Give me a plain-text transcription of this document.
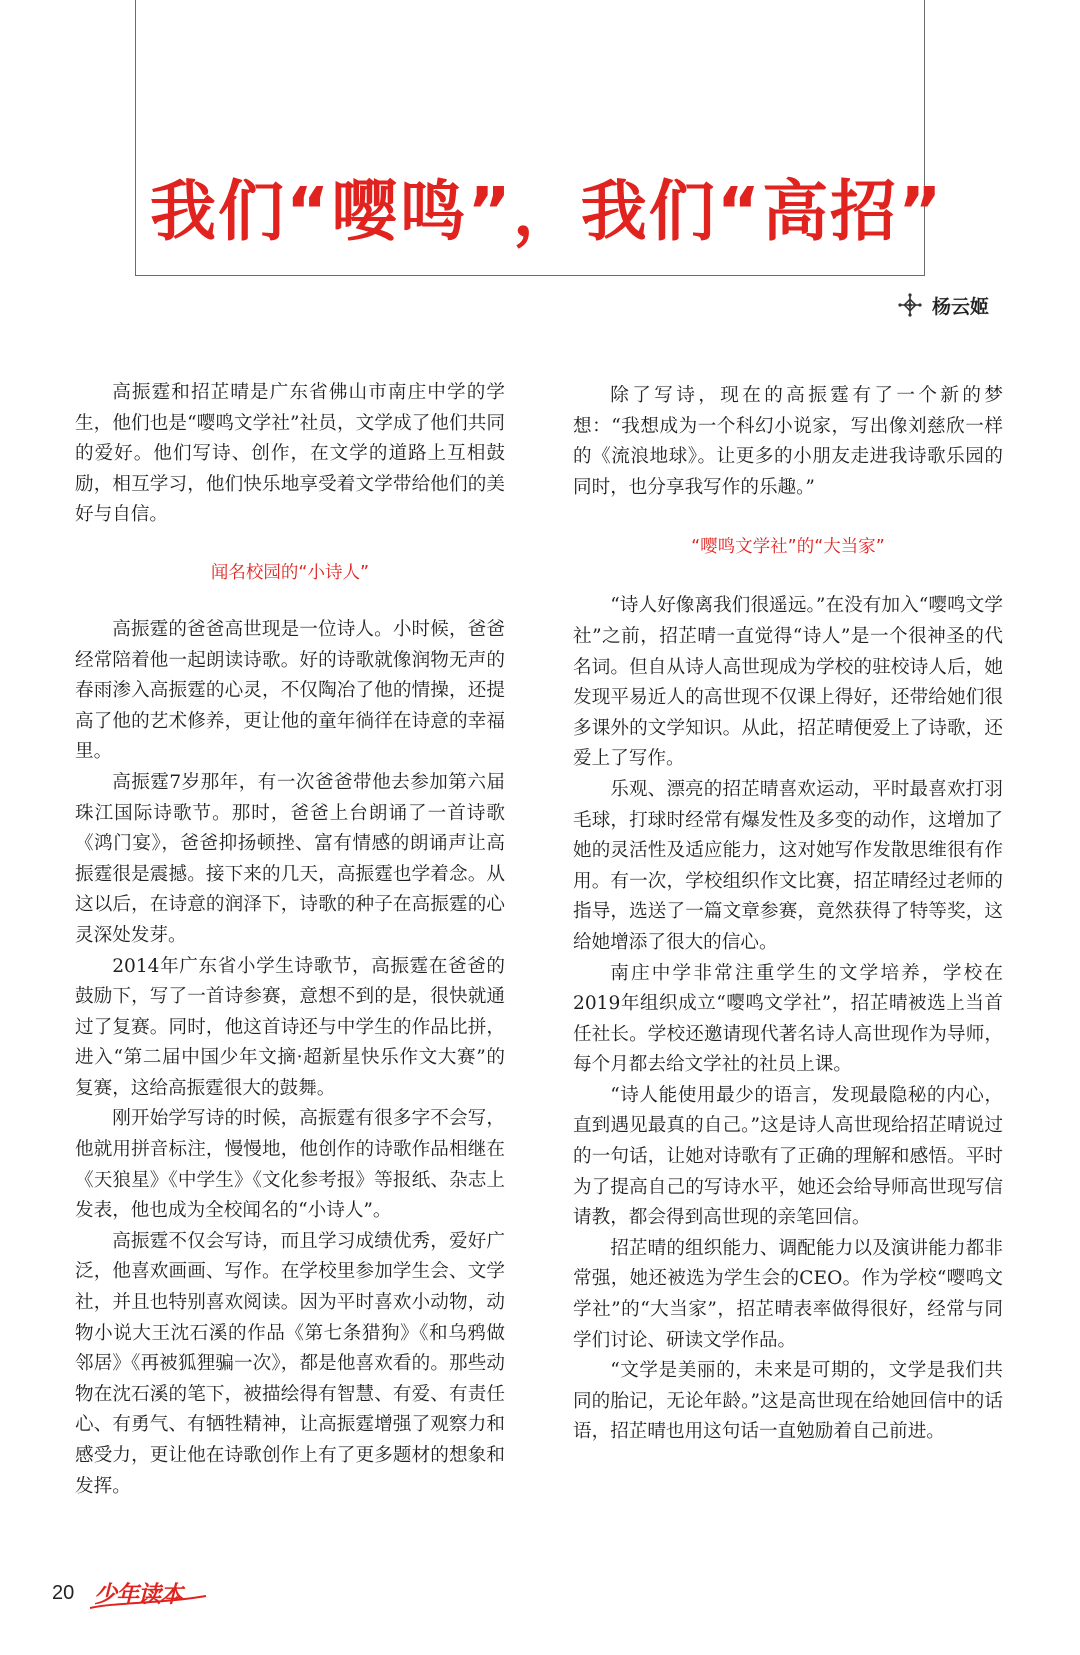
我们“嘤鸣”，我们“高招”
杨云姬

高振霆和招芷晴是广东省佛山市南庄中学的学生，他们也是“嘤鸣文学社”社员，文学成了他们共同的爱好。他们写诗、创作，在文学的道路上互相鼓励，相互学习，他们快乐地享受着文学带给他们的美好与自信。

闻名校园的“小诗人”

高振霆的爸爸高世现是一位诗人。小时候，爸爸经常陪着他一起朗读诗歌。好的诗歌就像润物无声的春雨渗入高振霆的心灵，不仅陶冶了他的情操，还提高了他的艺术修养，更让他的童年徜徉在诗意的幸福里。

高振霆7岁那年，有一次爸爸带他去参加第六届珠江国际诗歌节。那时，爸爸上台朗诵了一首诗歌《鸿门宴》，爸爸抑扬顿挫、富有情感的朗诵声让高振霆很是震撼。接下来的几天，高振霆也学着念。从这以后，在诗意的润泽下，诗歌的种子在高振霆的心灵深处发芽。

2014年广东省小学生诗歌节，高振霆在爸爸的鼓励下，写了一首诗参赛，意想不到的是，很快就通过了复赛。同时，他这首诗还与中学生的作品比拼，进入“第二届中国少年文摘·超新星快乐作文大赛”的复赛，这给高振霆很大的鼓舞。

刚开始学写诗的时候，高振霆有很多字不会写，他就用拼音标注，慢慢地，他创作的诗歌作品相继在《天狼星》《中学生》《文化参考报》等报纸、杂志上发表，他也成为全校闻名的“小诗人”。

高振霆不仅会写诗，而且学习成绩优秀，爱好广泛，他喜欢画画、写作。在学校里参加学生会、文学社，并且也特别喜欢阅读。因为平时喜欢小动物，动物小说大王沈石溪的作品《第七条猎狗》《和乌鸦做邻居》《再被狐狸骗一次》，都是他喜欢看的。那些动物在沈石溪的笔下，被描绘得有智慧、有爱、有责任心、有勇气、有牺牲精神，让高振霆增强了观察力和感受力，更让他在诗歌创作上有了更多题材的想象和发挥。

除了写诗，现在的高振霆有了一个新的梦想：“我想成为一个科幻小说家，写出像刘慈欣一样的《流浪地球》。让更多的小朋友走进我诗歌乐园的同时，也分享我写作的乐趣。”

“嘤鸣文学社”的“大当家”

“诗人好像离我们很遥远。”在没有加入“嘤鸣文学社”之前，招芷晴一直觉得“诗人”是一个很神圣的代名词。但自从诗人高世现成为学校的驻校诗人后，她发现平易近人的高世现不仅课上得好，还带给她们很多课外的文学知识。从此，招芷晴便爱上了诗歌，还爱上了写作。

乐观、漂亮的招芷晴喜欢运动，平时最喜欢打羽毛球，打球时经常有爆发性及多变的动作，这增加了她的灵活性及适应能力，这对她写作发散思维很有作用。有一次，学校组织作文比赛，招芷晴经过老师的指导，选送了一篇文章参赛，竟然获得了特等奖，这给她增添了很大的信心。

南庄中学非常注重学生的文学培养，学校在2019年组织成立“嘤鸣文学社”，招芷晴被选上当首任社长。学校还邀请现代著名诗人高世现作为导师，每个月都去给文学社的社员上课。

“诗人能使用最少的语言，发现最隐秘的内心，直到遇见最真的自己。”这是诗人高世现给招芷晴说过的一句话，让她对诗歌有了正确的理解和感悟。平时为了提高自己的写诗水平，她还会给导师高世现写信请教，都会得到高世现的亲笔回信。

招芷晴的组织能力、调配能力以及演讲能力都非常强，她还被选为学生会的CEO。作为学校“嘤鸣文学社”的“大当家”，招芷晴表率做得很好，经常与同学们讨论、研读文学作品。

“文学是美丽的，未来是可期的，文学是我们共同的胎记，无论年龄。”这是高世现在给她回信中的话语，招芷晴也用这句话一直勉励着自己前进。

20 少年读本
